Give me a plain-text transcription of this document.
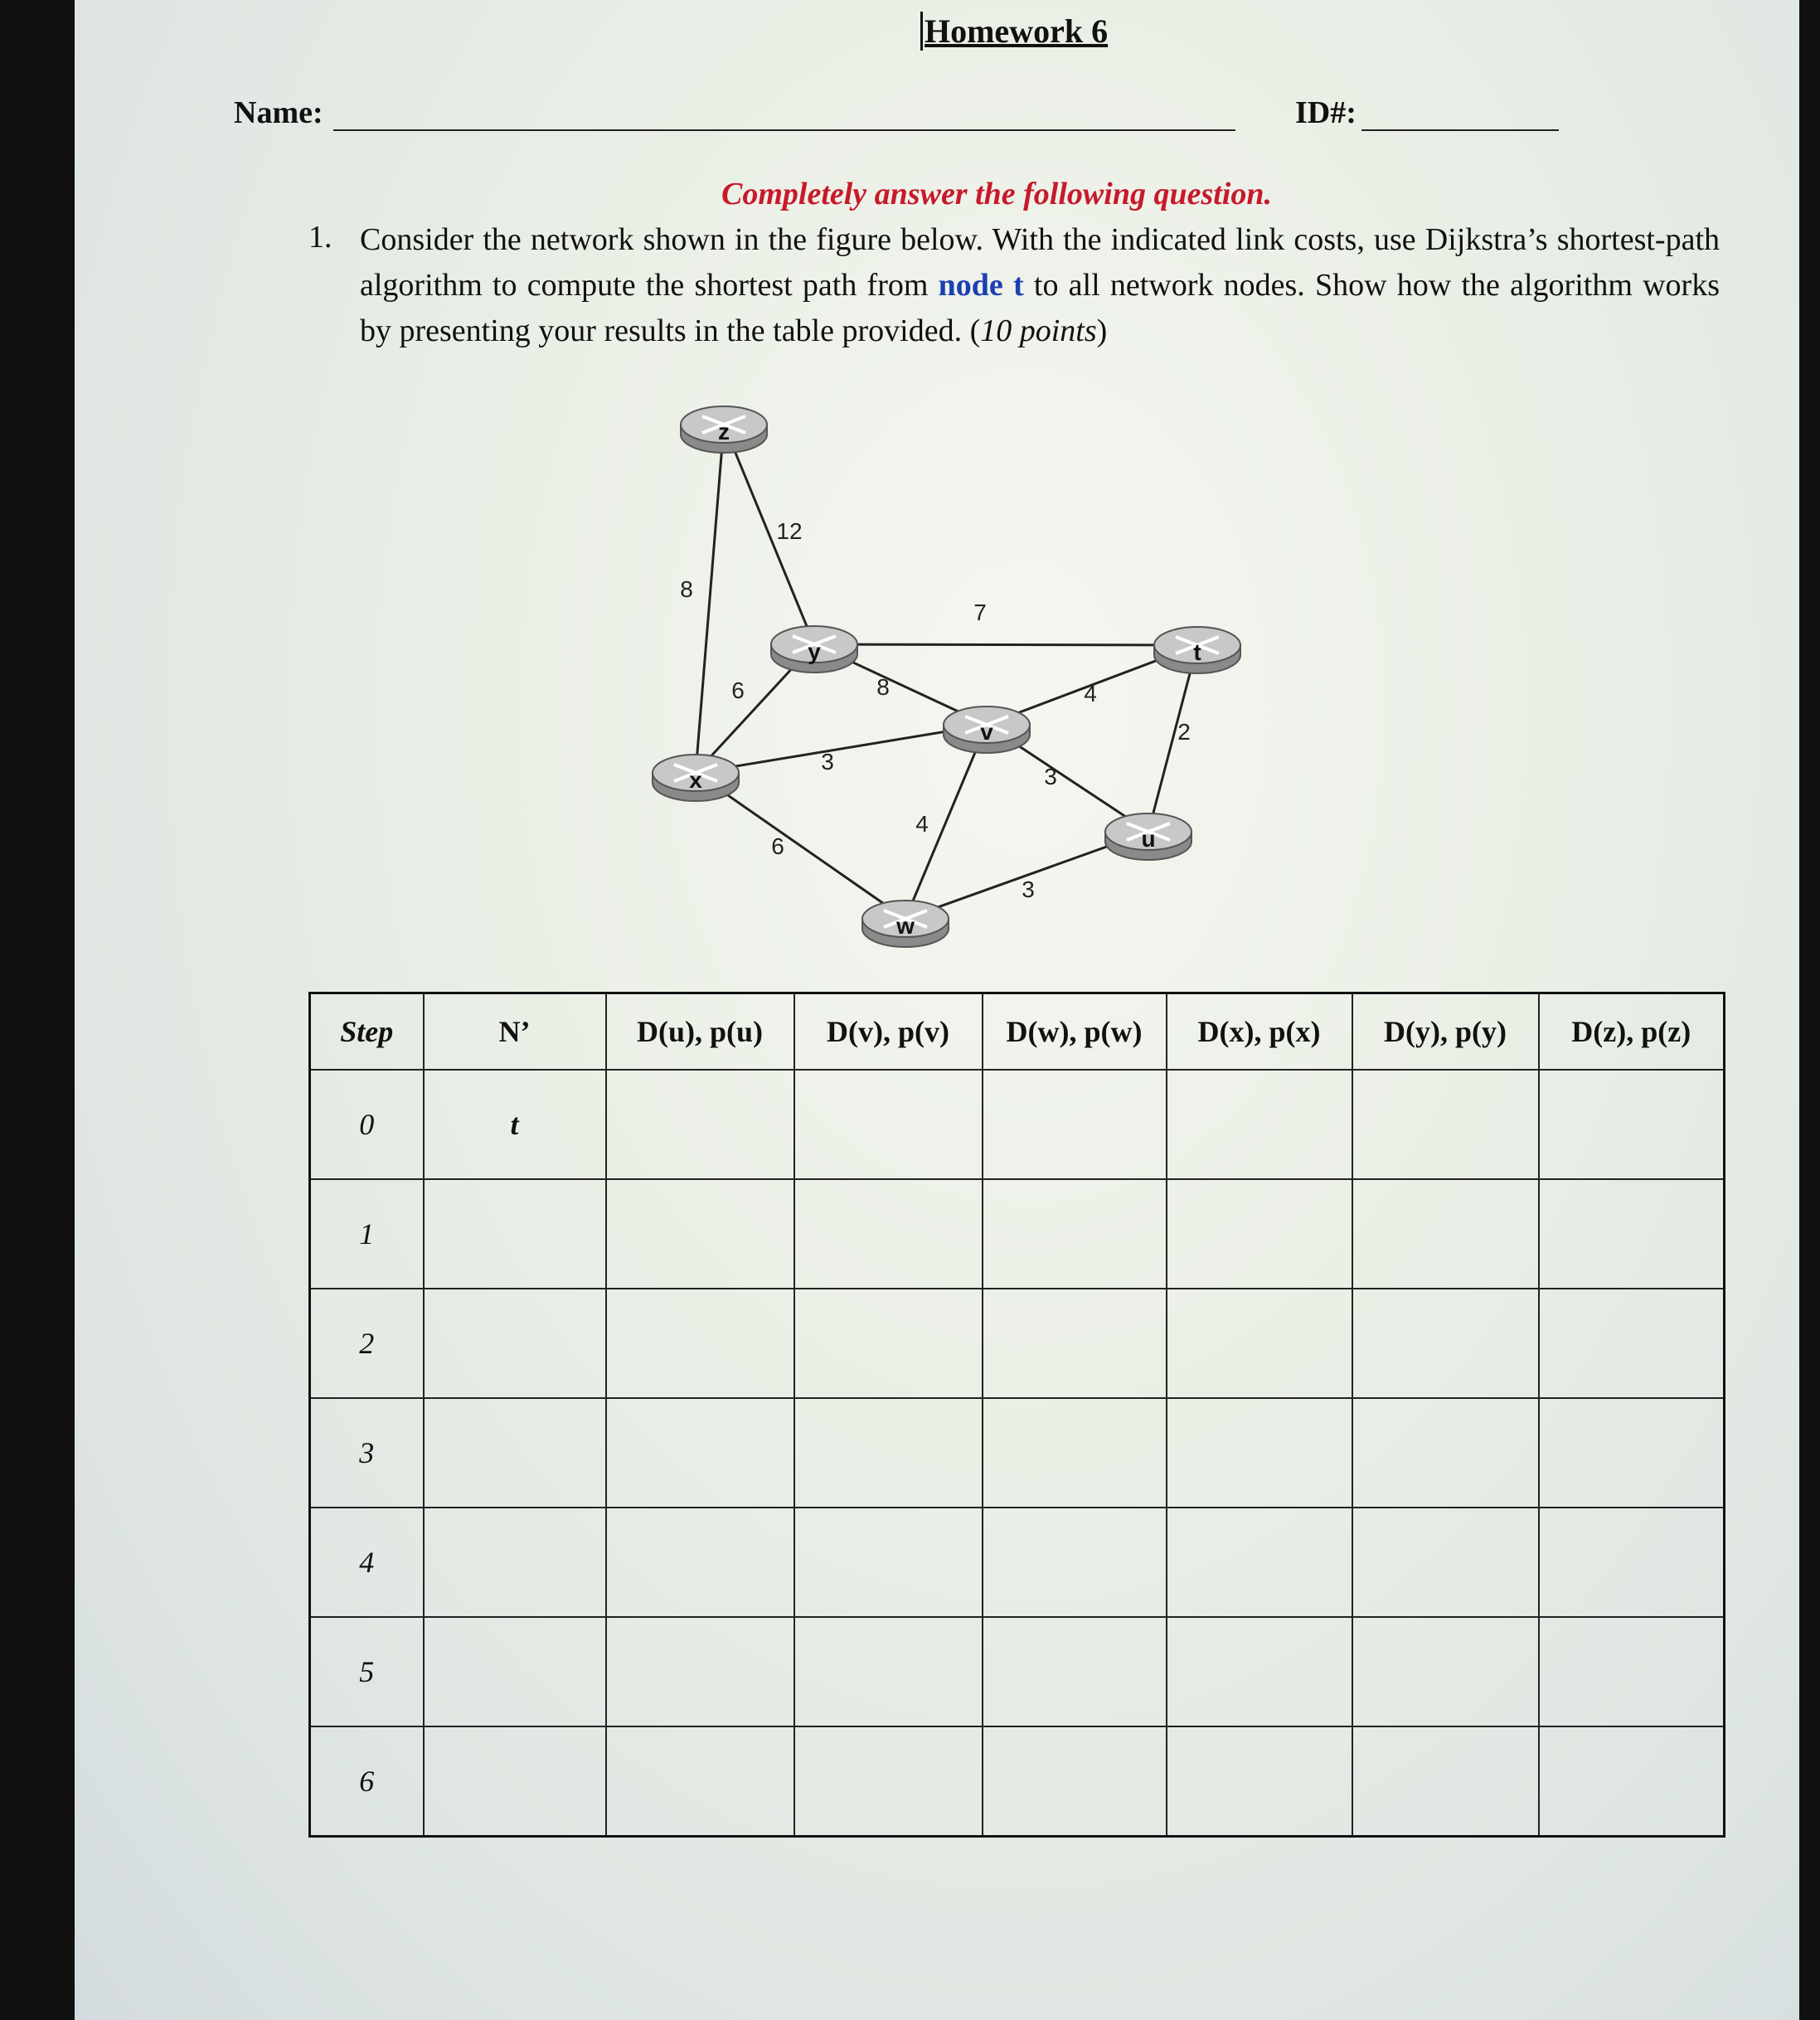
Homework 6
Name:	ID#:
Completely answer the following question.
1. Consider the network shown in the figure below. With the indicated link costs, use Dijkstra’s shortest-path algorithm to compute the shortest path from node t to all network nodes. Show how the algorithm works by presenting your results in the table provided. (10 points)
12
8
7
6	8
3
6
4
3
4
2
3
z
y	t
v
x
u
w
Step	N’	D(u), p(u)	D(v), p(v)	D(w), p(w)	D(x), p(x)	D(y), p(y)	D(z), p(z)
0	t						
1							
2							
3							
4							
5							
6							
